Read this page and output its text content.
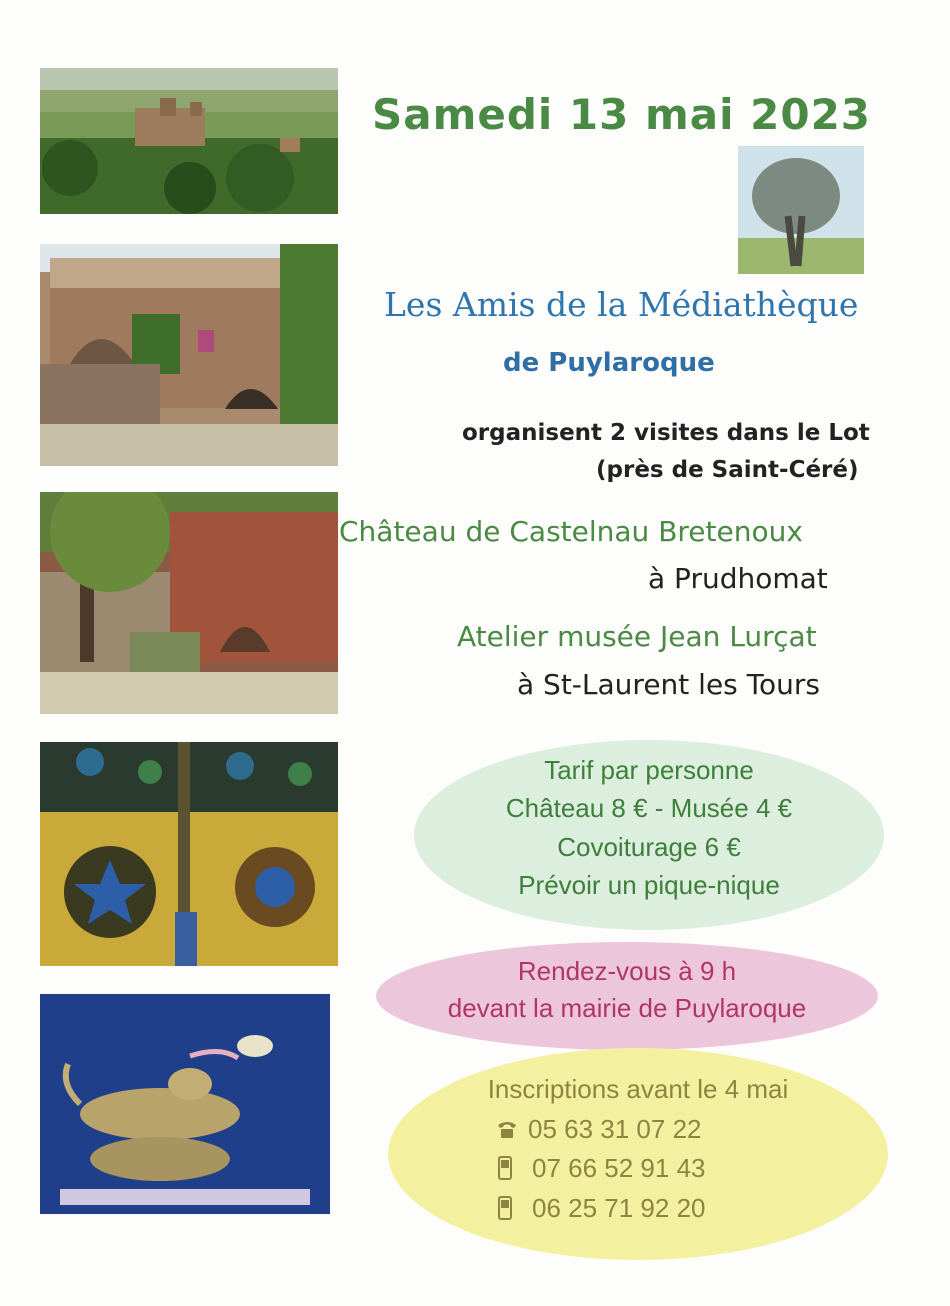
Samedi 13 mai 2023
Les Amis de la Médiathèque
de Puylaroque
organisent 2 visites dans le Lot
(près de Saint-Céré)
Château de Castelnau Bretenoux
à Prudhomat
Atelier musée Jean Lurçat
à St-Laurent les Tours
Tarif par personne
Château 8 € - Musée 4 €
Covoiturage 6 €
Prévoir un pique-nique
Rendez-vous à 9 h
devant la mairie de Puylaroque
Inscriptions avant le 4 mai
05 63 31 07 22
07 66 52 91 43
06 25 71 92 20
